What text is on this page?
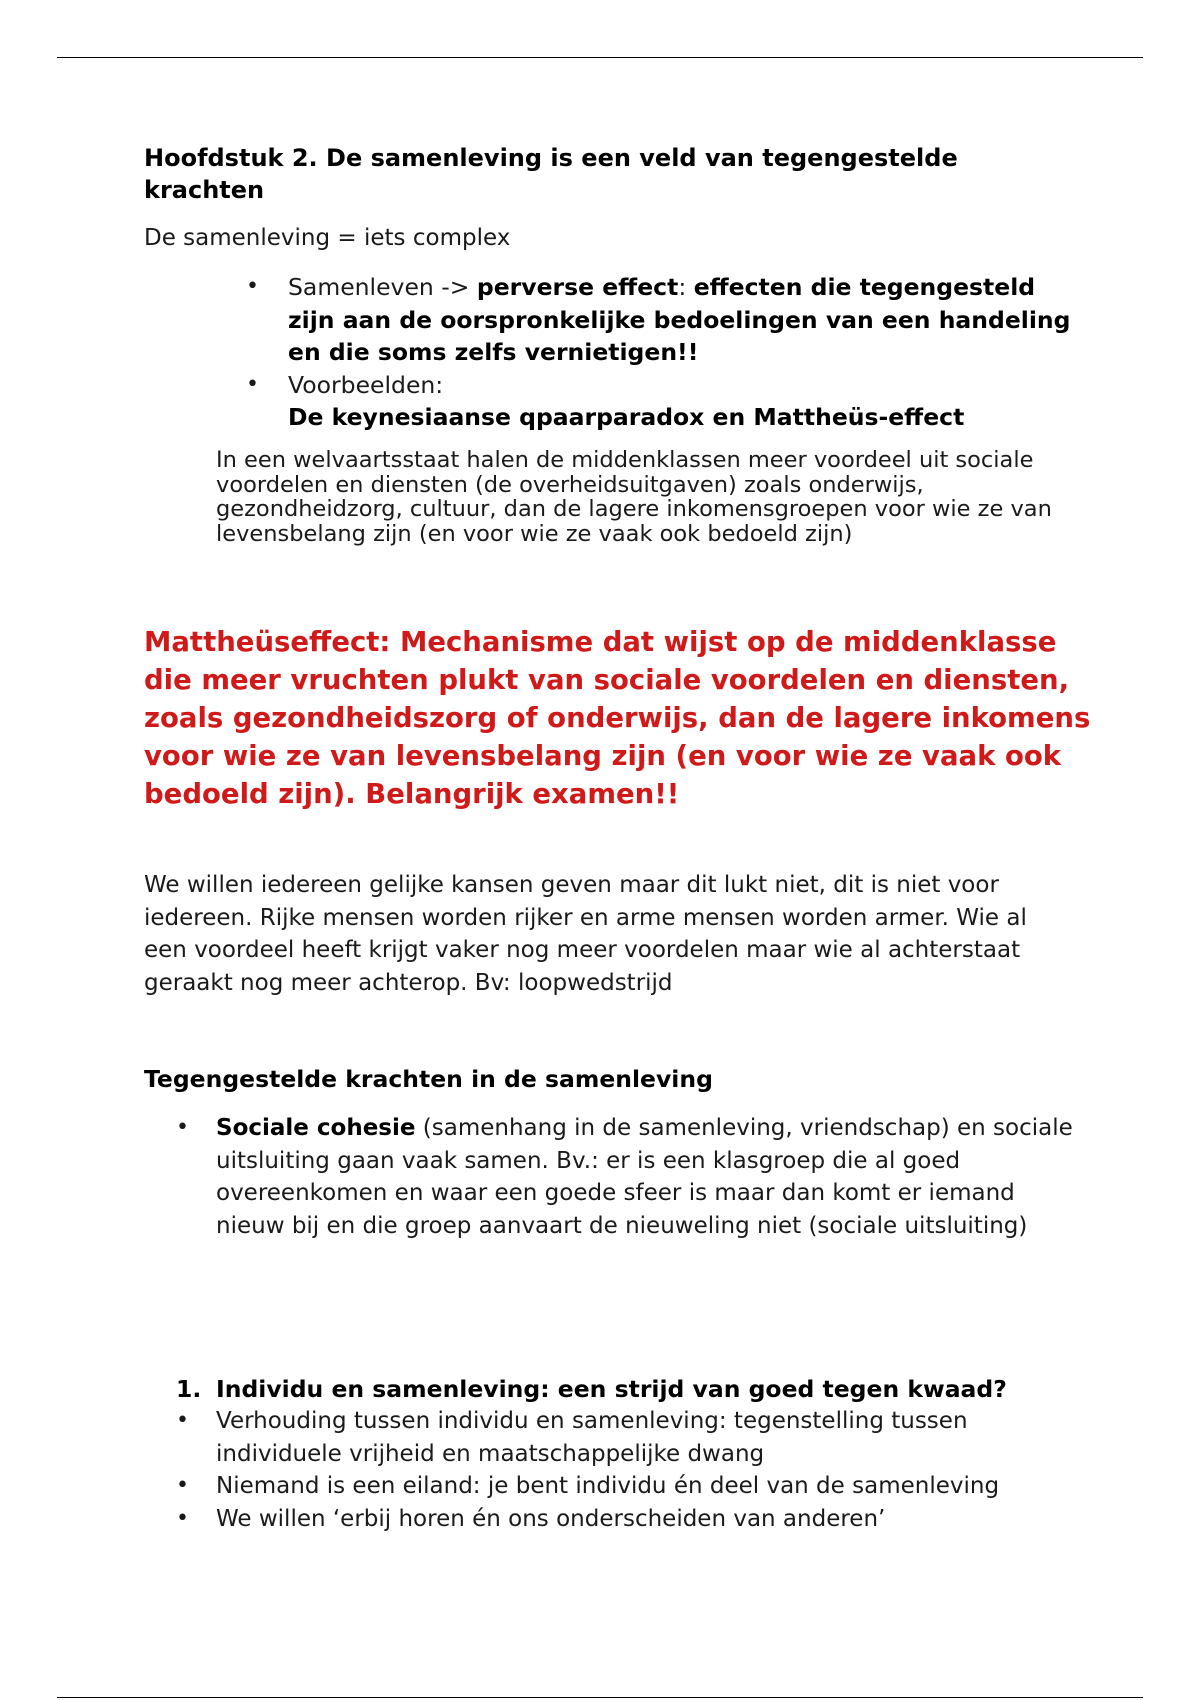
Hoofdstuk 2. De samenleving is een veld van tegengestelde krachten

De samenleving = iets complex

• Samenleven -> perverse effect: effecten die tegengesteld zijn aan de oorspronkelijke bedoelingen van een handeling en die soms zelfs vernietigen!!
• Voorbeelden:
De keynesiaanse qpaarparadox en Mattheüs-effect

In een welvaartsstaat halen de middenklassen meer voordeel uit sociale voordelen en diensten (de overheidsuitgaven) zoals onderwijs, gezondheidzorg, cultuur, dan de lagere inkomensgroepen voor wie ze van levensbelang zijn (en voor wie ze vaak ook bedoeld zijn)

Mattheüseffect: Mechanisme dat wijst op de middenklasse die meer vruchten plukt van sociale voordelen en diensten, zoals gezondheidszorg of onderwijs, dan de lagere inkomens voor wie ze van levensbelang zijn (en voor wie ze vaak ook bedoeld zijn). Belangrijk examen!!

We willen iedereen gelijke kansen geven maar dit lukt niet, dit is niet voor iedereen. Rijke mensen worden rijker en arme mensen worden armer. Wie al een voordeel heeft krijgt vaker nog meer voordelen maar wie al achterstaat geraakt nog meer achterop. Bv: loopwedstrijd

Tegengestelde krachten in de samenleving
•	Sociale cohesie (samenhang in de samenleving, vriendschap) en sociale uitsluiting gaan vaak samen. Bv.: er is een klasgroep die al goed overeenkomen en waar een goede sfeer is maar dan komt er iemand nieuw bij en die groep aanvaart de nieuweling niet (sociale uitsluiting)
1. Individu en samenleving: een strijd van goed tegen kwaad?
•	Verhouding tussen individu en samenleving: tegenstelling tussen individuele vrijheid en maatschappelijke dwang
•	Niemand is een eiland: je bent individu én deel van de samenleving
•	We willen ‘erbij horen én ons onderscheiden van anderen’
